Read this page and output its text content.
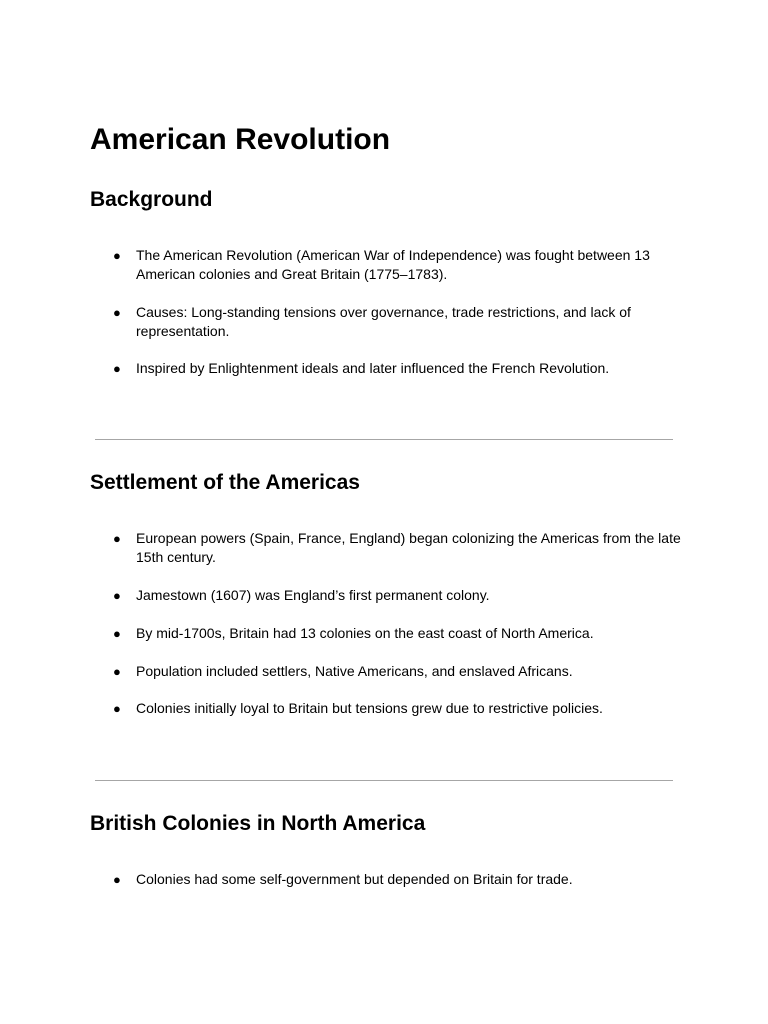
American Revolution
Background
● The American Revolution (American War of Independence) was fought between 13 American colonies and Great Britain (1775–1783).
● Causes: Long-standing tensions over governance, trade restrictions, and lack of representation.
● Inspired by Enlightenment ideals and later influenced the French Revolution.
Settlement of the Americas
● European powers (Spain, France, England) began colonizing the Americas from the late 15th century.
● Jamestown (1607) was England’s first permanent colony.
● By mid-1700s, Britain had 13 colonies on the east coast of North America.
● Population included settlers, Native Americans, and enslaved Africans.
● Colonies initially loyal to Britain but tensions grew due to restrictive policies.
British Colonies in North America
● Colonies had some self-government but depended on Britain for trade.
